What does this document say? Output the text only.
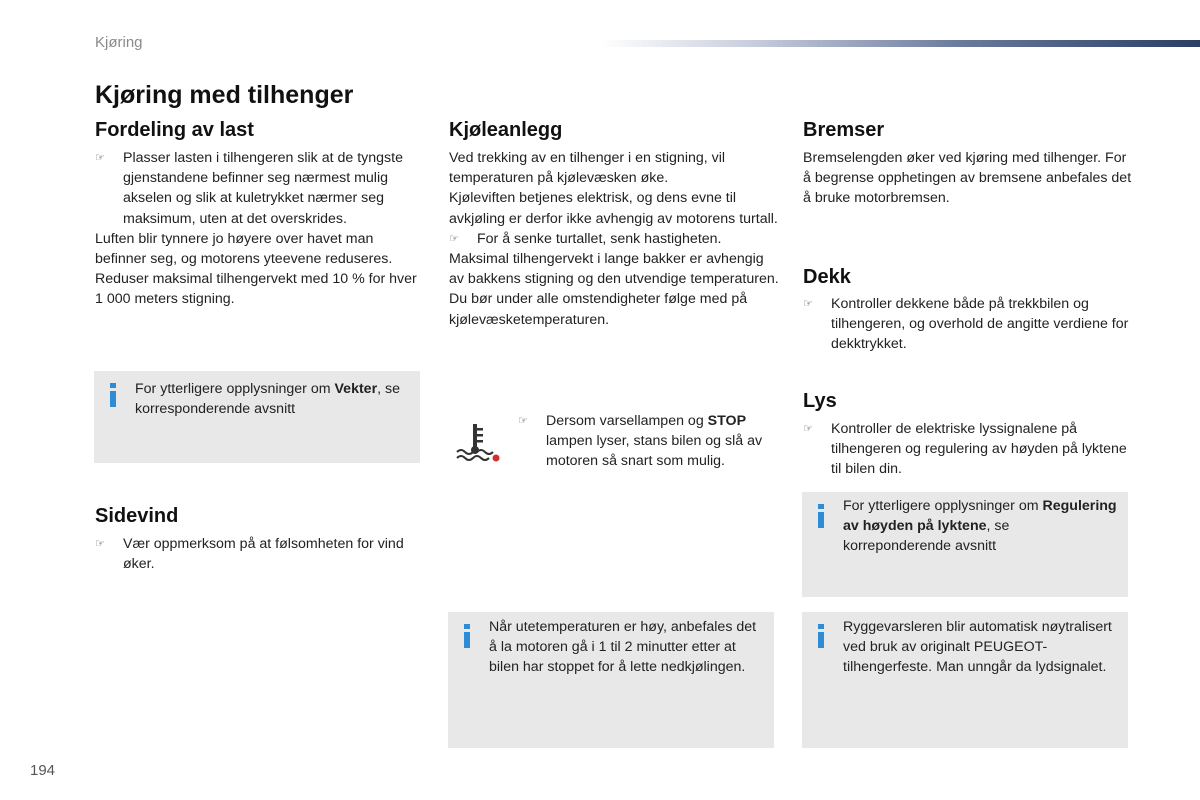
Kjøring
Kjøring med tilhenger
Fordeling av last
☞ Plasser lasten i tilhengeren slik at de tyngste gjenstandene befinner seg nærmest mulig akselen og slik at kuletrykket nærmer seg maksimum, uten at det overskrides.

Luften blir tynnere jo høyere over havet man befinner seg, og motorens yteevene reduseres. Reduser maksimal tilhengervekt med 10 % for hver 1 000 meters stigning.

For ytterligere opplysninger om Vekter, se korresponderende avsnitt
Sidevind
☞ Vær oppmerksom på at følsomheten for vind øker.
Kjøleanlegg

Ved trekking av en tilhenger i en stigning, vil temperaturen på kjølevæsken øke.

Kjøleviften betjenes elektrisk, og dens evne til avkjøling er derfor ikke avhengig av motorens turtall.

☞ For å senke turtallet, senk hastigheten.

Maksimal tilhengervekt i lange bakker er avhengig av bakkens stigning og den utvendige temperaturen.

Du bør under alle omstendigheter følge med på kjølevæsketemperaturen.

☞ Dersom varsellampen og STOP lampen lyser, stans bilen og slå av motoren så snart som mulig.
Når utetemperaturen er høy, anbefales det å la motoren gå i 1 til 2 minutter etter at bilen har stoppet for å lette nedkjølingen.
Bremser

Bremselengden øker ved kjøring med tilhenger. For å begrense opphetingen av bremsene anbefales det å bruke motorbremsen.

Dekk
☞ Kontroller dekkene både på trekkbilen og tilhengeren, og overhold de angitte verdiene for dekktrykket.
Lys
☞ Kontroller de elektriske lyssignalene på tilhengeren og regulering av høyden på lyktene til bilen din.
For ytterligere opplysninger om Regulering av høyden på lyktene, se korreponderende avsnitt
Ryggevarsleren blir automatisk nøytralisert ved bruk av originalt PEUGEOT-tilhengerfeste. Man unngår da lydsignalet.
194
